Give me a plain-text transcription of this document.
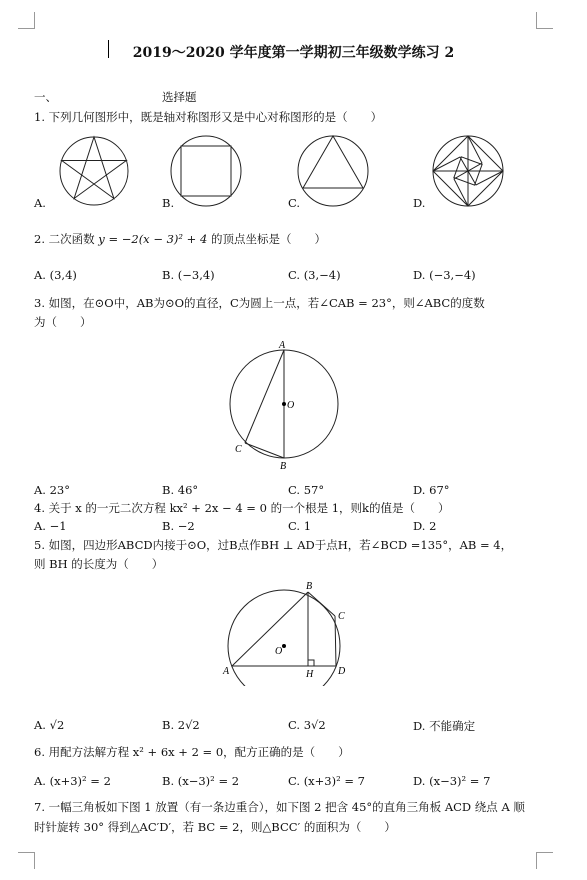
2019～2020 学年度第一学期初三年级数学练习 2
一、	选择题
1. 下列几何图形中，既是轴对称图形又是中心对称图形的是（　　）
A.	B.	C.	D.
2. 二次函数 y = −2(x − 3)² + 4 的顶点坐标是（　　）
A. (3,4)	B. (−3,4)	C. (3,−4)	D. (−3,−4)
3. 如图，在⊙O中，AB为⊙O的直径，C为圆上一点，若∠CAB = 23°，则∠ABC的度数
为（　　）
A
O
C
B
A. 23°	B. 46°	C. 57°	D. 67°
4. 关于 x 的一元二次方程 kx² + 2x − 4 = 0 的一个根是 1，则k的值是（　　）
A. −1	B. −2	C. 1	D. 2
5. 如图，四边形ABCD内接于⊙O，过B点作BH ⊥ AD于点H，若∠BCD =135°，AB = 4，
则 BH 的长度为（　　）
B
C
O
A	H D
A. √2	B. 2√2	C. 3√2	D. 不能确定
6. 用配方法解方程 x² + 6x + 2 = 0，配方正确的是（　　）
A. (x+3)² = 2	B. (x−3)² = 2	C. (x+3)² = 7	D. (x−3)² = 7
7. 一幅三角板如下图 1 放置（有一条边重合），如下图 2 把含 45°的直角三角板 ACD 绕点 A 顺
时针旋转 30° 得到△AC′D′，若 BC = 2，则△BCC′ 的面积为（　　）
